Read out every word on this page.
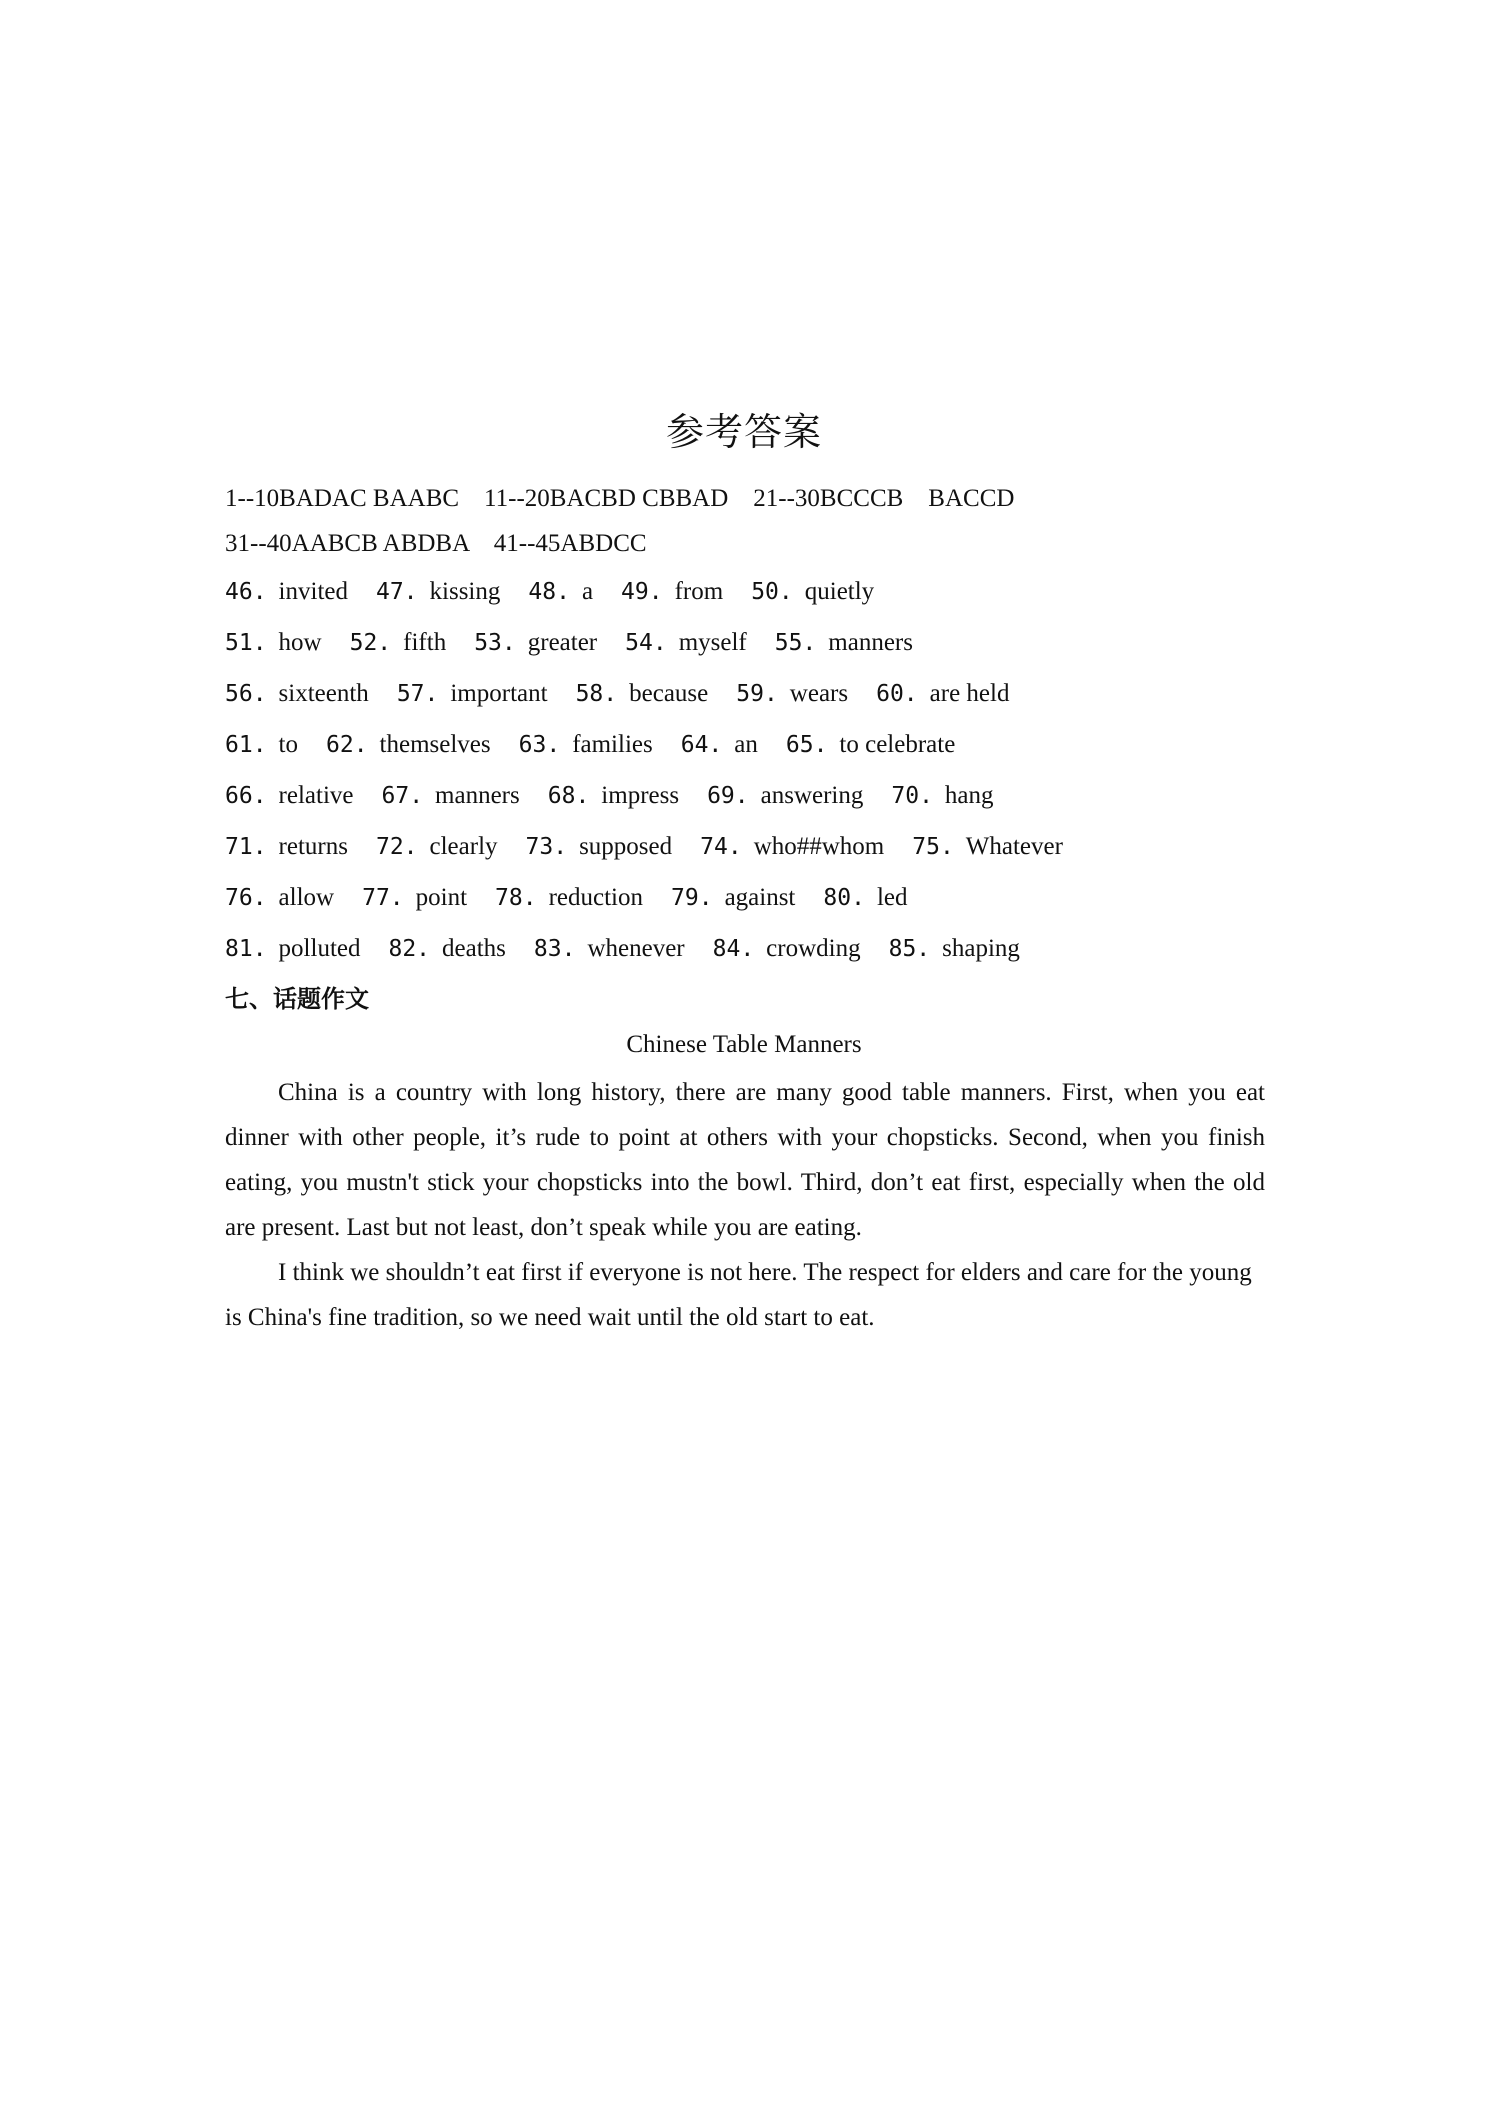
参考答案
1--10BADAC BAABC    11--20BACBD CBBAD    21--30BCCCB    BACCD
31--40AABCB ABDBA    41--45ABDCC
46. invited 47. kissing 48. a 49. from 50. quietly
51. how 52. fifth 53. greater 54. myself 55. manners
56. sixteenth 57. important 58. because 59. wears 60. are held
61. to 62. themselves 63. families 64. an 65. to celebrate
66. relative 67. manners 68. impress 69. answering 70. hang
71. returns 72. clearly 73. supposed 74. who##whom 75. Whatever
76. allow 77. point 78. reduction 79. against 80. led
81. polluted 82. deaths 83. whenever 84. crowding 85. shaping
七、话题作文
Chinese Table Manners

China is a country with long history, there are many good table manners. First, when you eat dinner with other people, it’s rude to point at others with your chopsticks. Second, when you finish eating, you mustn't stick your chopsticks into the bowl. Third, don’t eat first, especially when the old are present. Last but not least, don’t speak while you are eating.

I think we shouldn’t eat first if everyone is not here. The respect for elders and care for the young is China's fine tradition, so we need wait until the old start to eat.
